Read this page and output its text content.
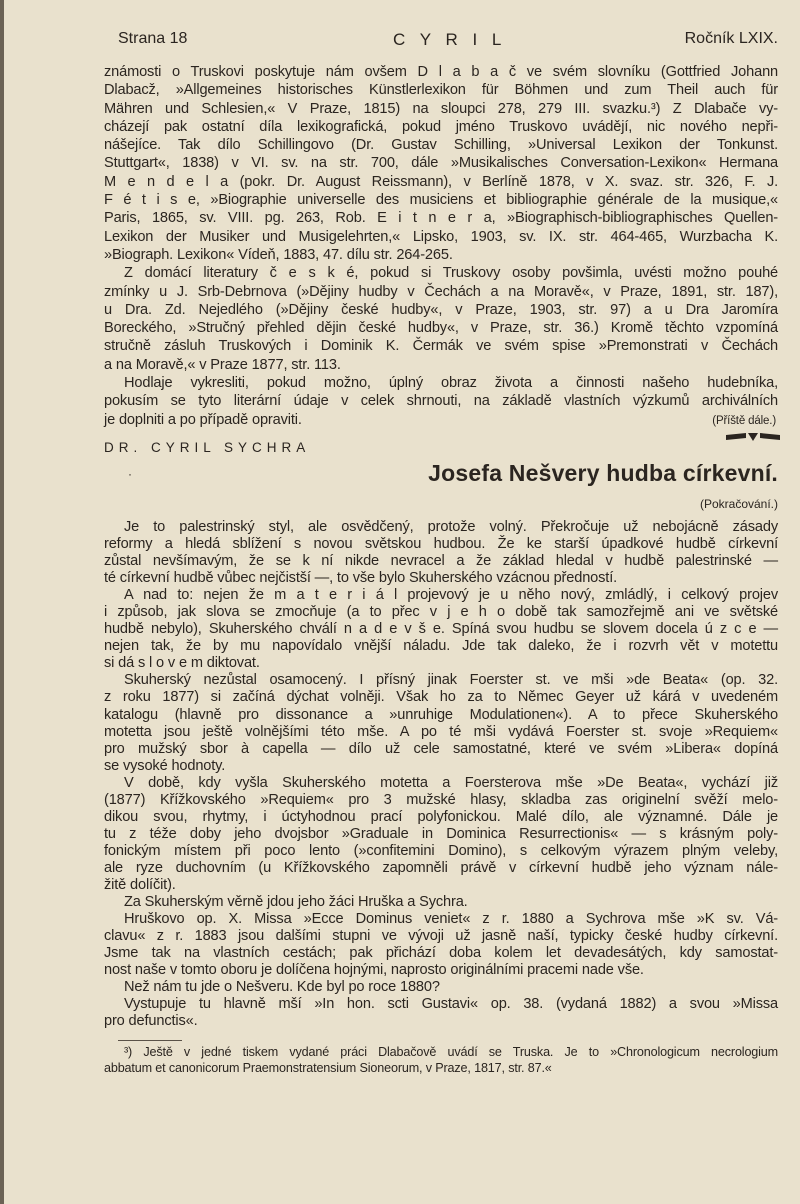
Strana 18	C Y R I L	Ročník LXIX.
známosti o Truskovi poskytuje nám ovšem D l a b a č ve svém slovníku (Gottfried Johann
Dlabacž, »Allgemeines historisches Künstlerlexikon für Böhmen und zum Theil auch für
Mähren und Schlesien,« V Praze, 1815) na sloupci 278, 279 III. svazku.³) Z Dlabače vy-
cházejí pak ostatní díla lexikografická, pokud jméno Truskovo uvádějí, nic nového nepři-
nášejíce. Tak dílo Schillingovo (Dr. Gustav Schilling, »Universal Lexikon der Tonkunst.
Stuttgart«, 1838) v VI. sv. na str. 700, dále »Musikalisches Conversation-Lexikon« Hermana
M e n d e l a (pokr. Dr. August Reissmann), v Berlíně 1878, v X. svaz. str. 326, F. J.
F é t i s e, »Biographie universelle des musiciens et bibliographie générale de la musique,«
Paris, 1865, sv. VIII. pg. 263, Rob. E i t n e r a, »Biographisch-bibliographisches Quellen-
Lexikon der Musiker und Musigelehrten,« Lipsko, 1903, sv. IX. str. 464-465, Wurzbacha K.
»Biograph. Lexikon« Vídeň, 1883, 47. dílu str. 264-265.
Z domácí literatury č e s k é, pokud si Truskovy osoby povšimla, uvésti možno pouhé
zmínky u J. Srb-Debrnova (»Dějiny hudby v Čechách a na Moravě«, v Praze, 1891, str. 187),
u Dra. Zd. Nejedlého (»Dějiny české hudby«, v Praze, 1903, str. 97) a u Dra Jaromíra
Boreckého, »Stručný přehled dějin české hudby«, v Praze, str. 36.) Kromě těchto vzpomíná
stručně zásluh Truskových i Dominik K. Čermák ve svém spise »Premonstrati v Čechách
a na Moravě,« v Praze 1877, str. 113.
Hodlaje vykresliti, pokud možno, úplný obraz života a činnosti našeho hudebníka,
pokusím se tyto literární údaje v celek shrnouti, na základě vlastních výzkumů archiválních
je doplniti a po případě opraviti.	(Příště dále.)
DR. CYRIL SYCHRA
·	Josefa Nešvery hudba církevní.
(Pokračování.)
Je to palestrinský styl, ale osvědčený, protože volný. Překročuje už nebojácně zásady
reformy a hledá sblížení s novou světskou hudbou. Že ke starší úpadkové hudbě církevní
zůstal nevšímavým, že se k ní nikde nevracel a že základ hledal v hudbě palestrinské —
té církevní hudbě vůbec nejčistší —, to vše bylo Skuherského vzácnou předností.
A nad to: nejen že m a t e r i á l projevový je u něho nový, zmládlý, i celkový projev
i způsob, jak slova se zmocňuje (a to přec v j e h o době tak samozřejmě ani ve světské
hudbě nebylo), Skuherského chválí n a d e v š e. Spíná svou hudbu se slovem docela ú z c e —
nejen tak, že by mu napovídalo vnější náladu. Jde tak daleko, že i rozvrh vět v motettu
si dá s l o v e m diktovat.
Skuherský nezůstal osamocený. I přísný jinak Foerster st. ve mši »de Beata« (op. 32.
z roku 1877) si začíná dýchat volněji. Však ho za to Němec Geyer už kárá v uvedeném
katalogu (hlavně pro dissonance a »unruhige Modulationen«). A to přece Skuherského
motetta jsou ještě volnějšími této mše. A po té mši vydává Foerster st. svoje »Requiem«
pro mužský sbor à capella — dílo už cele samostatné, které ve svém »Libera« dopíná
se vysoké hodnoty.
V době, kdy vyšla Skuherského motetta a Foersterova mše »De Beata«, vychází již
(1877) Křížkovského »Requiem« pro 3 mužské hlasy, skladba zas originelní svěží melo-
dikou svou, rhytmy, i úctyhodnou prací polyfonickou. Malé dílo, ale významné. Dále je
tu z téže doby jeho dvojsbor »Graduale in Dominica Resurrectionis« — s krásným poly-
fonickým místem při poco lento (»confitemini Domino), s celkovým výrazem plným veleby,
ale ryze duchovním (u Křížkovského zapomněli právě v církevní hudbě jeho význam nále-
žitě dolíčit).
Za Skuherským věrně jdou jeho žáci Hruška a Sychra.
Hruškovo op. X. Missa »Ecce Dominus veniet« z r. 1880 a Sychrova mše »K sv. Vá-
clavu« z r. 1883 jsou dalšími stupni ve vývoji už jasně naší, typicky české hudby církevní.
Jsme tak na vlastních cestách; pak přichází doba kolem let devadesátých, kdy samostat-
nost naše v tomto oboru je dolíčena hojnými, naprosto originálními pracemi nade vše.
Než nám tu jde o Nešveru. Kde byl po roce 1880?
Vystupuje tu hlavně mší »In hon. scti Gustavi« op. 38. (vydaná 1882) a svou »Missa
pro defunctis«.
³) Ještě v jedné tiskem vydané práci Dlabačově uvádí se Truska. Je to »Chronologicum necrologium
abbatum et canonicorum Praemonstratensium Sioneorum, v Praze, 1817, str. 87.«
